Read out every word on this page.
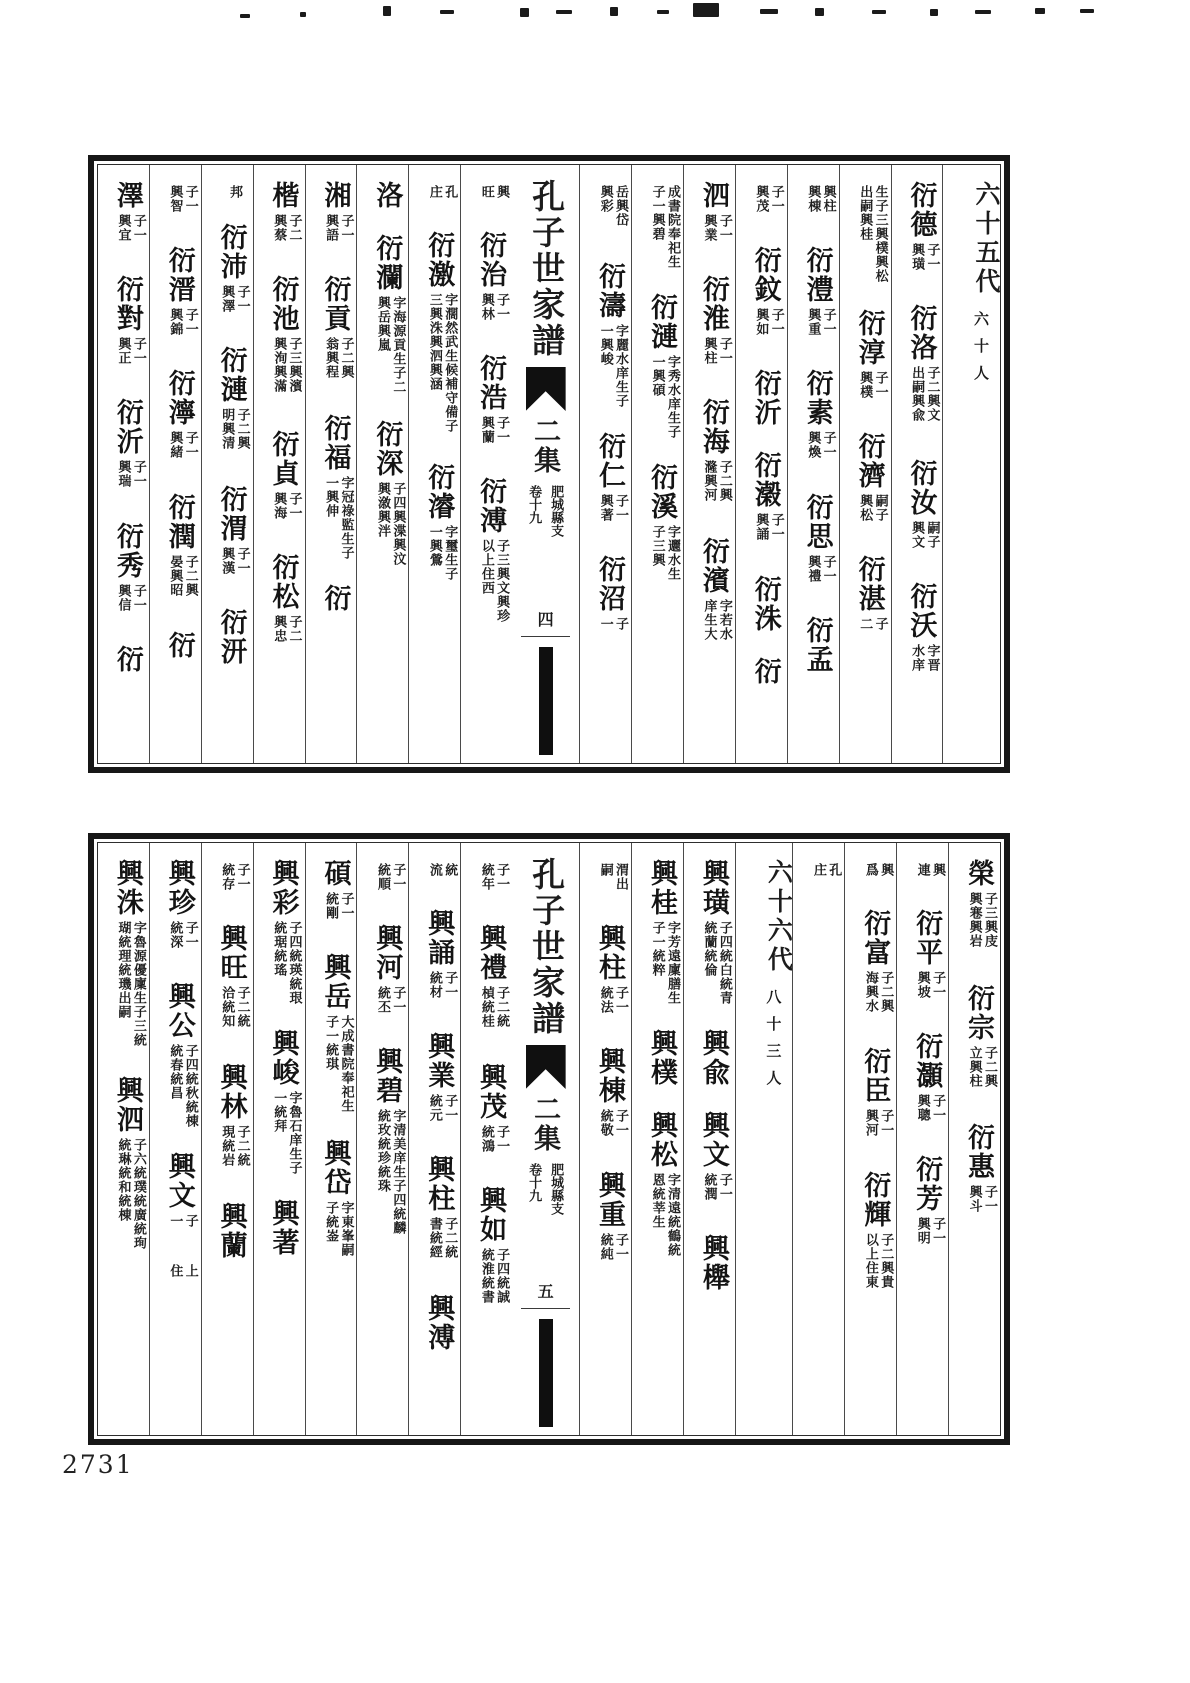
六十五代六十人
衍德子一興璜衍洛子二興文出嗣興兪衍汝嗣子興文衍沃字晋水庠
生子三興樸興松出嗣興桂衍淳子一興樸衍濟嗣子興松衍湛子二
興柱興棟衍澧子一興重衍素子一興煥衍思子一興禮衍孟
子一興茂衍鈫子一興如衍沂衍濲子一興誦衍洙衍
泗子一興業衍淮子一興柱衍海子二興漋興河衍濱字若水庠生大
成書院奉祀生子一興碧衍漣字秀水庠生子一興碩衍溪字邐水生子三興
岳興岱興彩衍濤字麗水庠生子一興峻衍仁子一興著衍沼子一
孔子世家譜
二集
卷十九 肥城縣支
四
興旺衍治子一興林衍浩子一興蘭衍溥子三興文興珍以上住西
孔庄衍激字濶然武生候補守備子三興洙興泗興涵衍濬字璽生子一興鶯
洛衍瀾字海源貢生子二興岳興嵐衍深子四興渫興汶興漵興泮
湘子一興語衍貢子二興翁興程衍福字冠祿監生子一興伸衍
楷子二興蔡衍池子三興濱興洵興滿衍貞子一興海衍松子二興忠
邦衍沛子一興澤衍漣子二興明興清衍渭子一興漢衍汧
子一興智衍溍子一興錦衍濘子一興緒衍潤子二興晏興昭衍
澤子一興宜衍對子一興正衍沂子一興瑞衍秀子一興信衍
榮子三興庋興寋興岩衍宗子二興立興柱衍惠子一興斗
興連衍平子一興坡衍灝子一興聰衍芳子一興明
興爲衍富子二興海興水衍臣子一興河衍輝子二興貴以上住東
孔庄
六十六代八十三人
興璜子四統白統青統蘭統倫興兪興文子一統潤興櫸
興桂字芳遠廩膳生子一統粹興樸興松字清遠統鶴統恩統莘生
渭出嗣興柱子一統法興棟子一統敬興重子一統純
孔子世家譜
二集
卷十九 肥城縣支
五
子一統年興禮子二統楨統桂興茂子一統鴻興如子四統誠統淮統書
統流興誦子一統材興業子一統元興柱子二統書統經興溥
子一統順興河子一統丕興碧字清美庠生子四統麟統玫統珍統珠
碩子一統剛興岳大成書院奉祀生子一統琪興岱字東峯嗣子統崟
興彩子四統瑛統珢統琚統瑤興峻字魯石庠生子一統拜興著
子一統存興旺子二統洽統知興林子二統現統岩興蘭
興珍子一統深興公子四統秋統棟統春統昌興文子一上住
興洙字魯源優廩生子三統瑚統理統璣出嗣興泗子六統璞統廣統珣統琳統和統棟
2731
